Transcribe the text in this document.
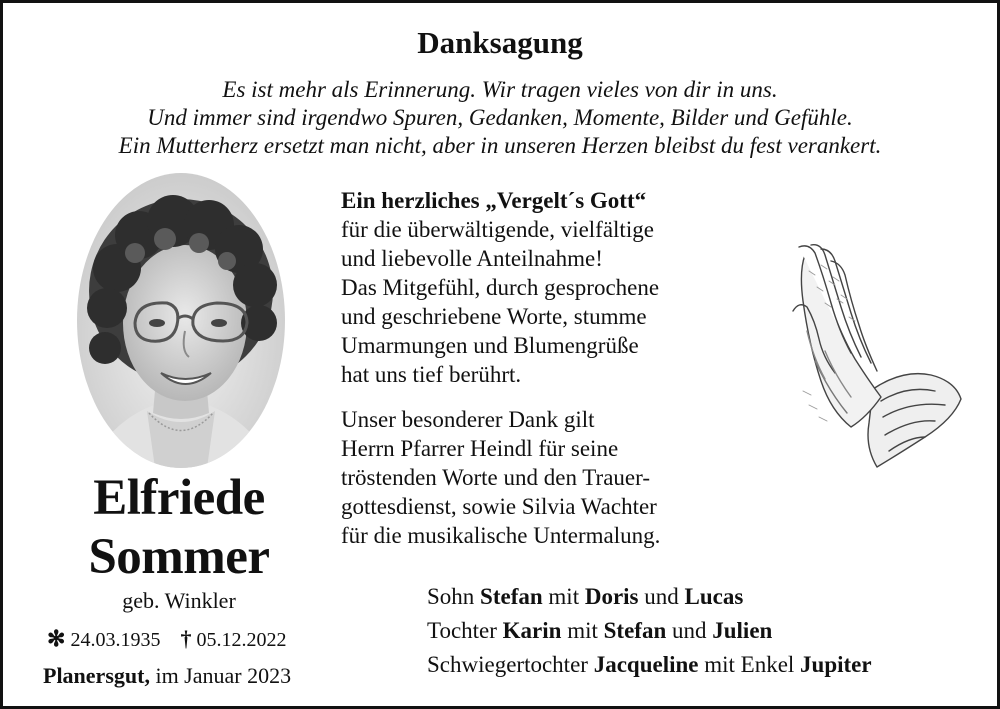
Danksagung
Es ist mehr als Erinnerung. Wir tragen vieles von dir in uns.
Und immer sind irgendwo Spuren, Gedanken, Momente, Bilder und Gefühle.
Ein Mutterherz ersetzt man nicht, aber in unseren Herzen bleibst du fest verankert.
Ein herzliches „Vergelt´s Gott“
für die überwältigende, vielfältige
und liebevolle Anteilnahme!
Das Mitgefühl, durch gesprochene
und geschriebene Worte, stumme
Umarmungen und Blumengrüße
hat uns tief berührt.
Unser besonderer Dank gilt
Herrn Pfarrer Heindl für seine
tröstenden Worte und den Trauer-
gottesdienst, sowie Silvia Wachter
für die musikalische Untermalung.
Elfriede
Sommer
geb. Winkler
✻ 24.03.1935 † 05.12.2022
Planersgut, im Januar 2023
Sohn Stefan mit Doris und Lucas
Tochter Karin mit Stefan und Julien
Schwiegertochter Jacqueline mit Enkel Jupiter
